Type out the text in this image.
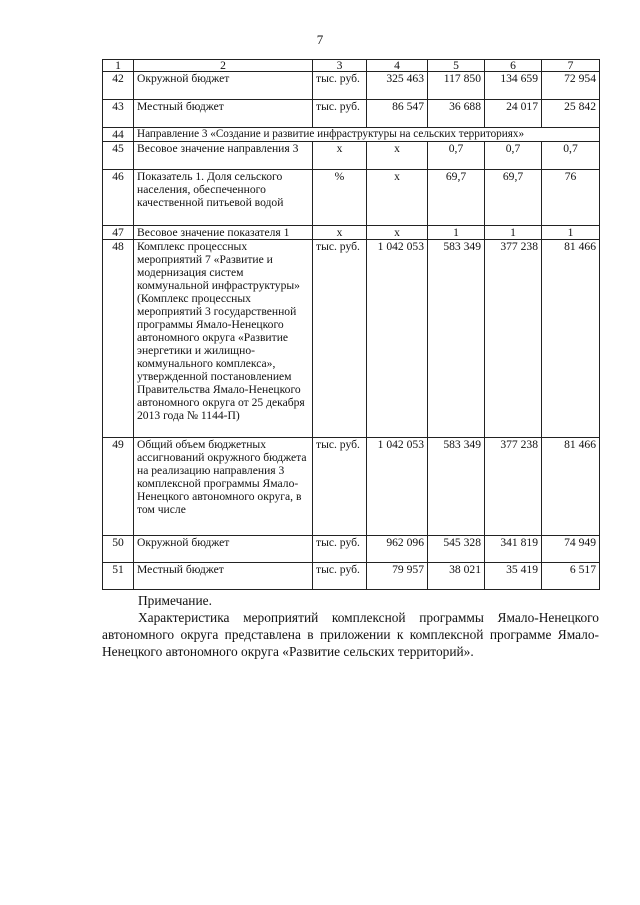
7
1	2	3	4	5	6	7
42	Окружной бюджет	тыс. руб.	325 463	117 850	134 659	72 954
43	Местный бюджет	тыс. руб.	86 547	36 688	24 017	25 842
44	Направление 3 «Создание и развитие инфраструктуры на сельских территориях»					
45	Весовое значение направления 3	х	х	0,7	0,7	0,7
46	Показатель 1. Доля сельского населения, обеспеченного качественной питьевой водой	%	х	69,7	69,7	76
47	Весовое значение показателя 1	х	х	1	1	1
48	Комплекс процессных мероприятий 7 «Развитие и модернизация систем коммунальной инфраструктуры» (Комплекс процессных мероприятий 3 государственной программы Ямало-Ненецкого автономного округа «Развитие энергетики и жилищно-коммунального комплекса», утвержденной постановлением Правительства Ямало-Ненецкого автономного округа от 25 декабря 2013 года № 1144-П)	тыс. руб.	1 042 053	583 349	377 238	81 466
49	Общий объем бюджетных ассигнований окружного бюджета на реализацию направления 3 комплексной программы Ямало-Ненецкого автономного округа, в том числе	тыс. руб.	1 042 053	583 349	377 238	81 466
50	Окружной бюджет	тыс. руб.	962 096	545 328	341 819	74 949
51	Местный бюджет	тыс. руб.	79 957	38 021	35 419	6 517
Примечание.
Характеристика мероприятий комплексной программы Ямало-Ненецкого автономного округа представлена в приложении к комплексной программе Ямало-Ненецкого автономного округа «Развитие сельских территорий».
